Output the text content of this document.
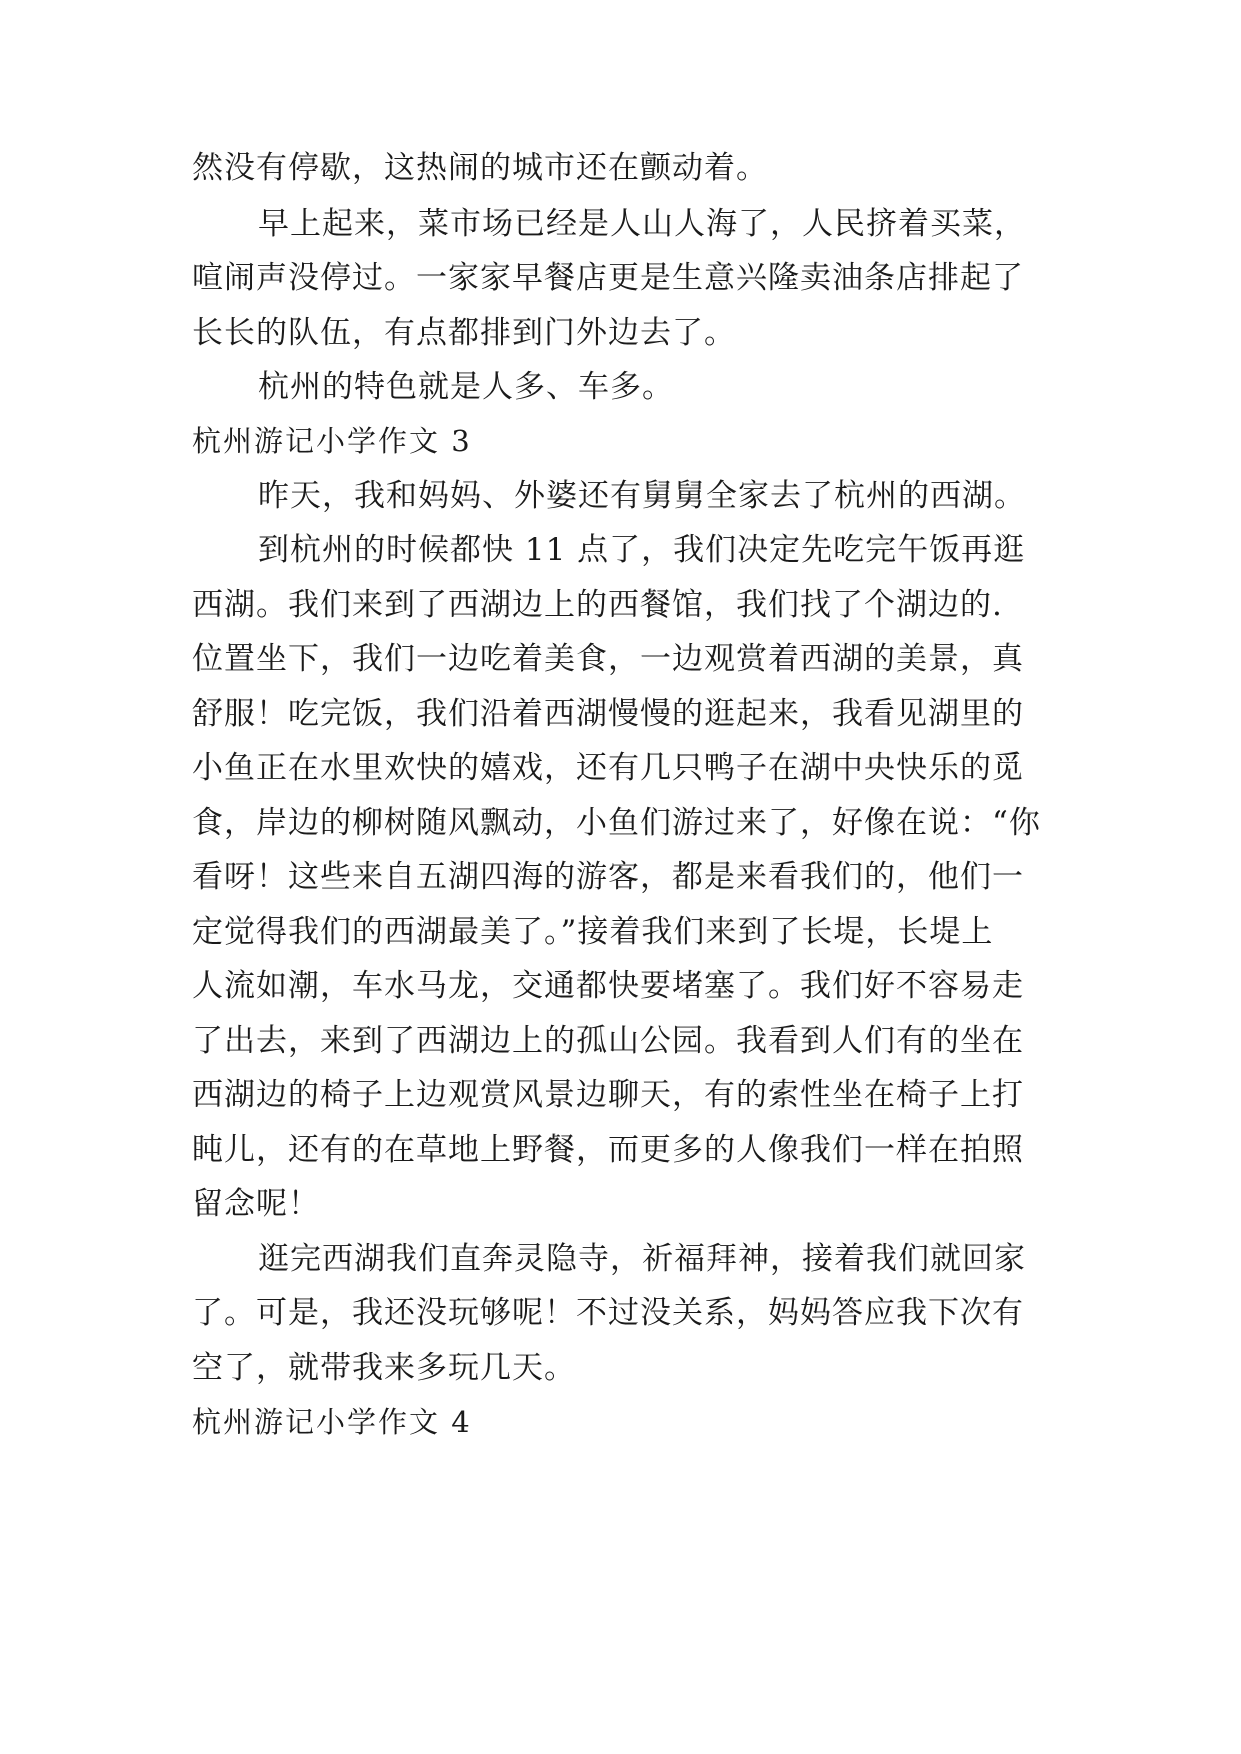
然没有停歇，这热闹的城市还在颤动着。
早上起来，菜市场已经是人山人海了，人民挤着买菜，
喧闹声没停过。一家家早餐店更是生意兴隆卖油条店排起了
长长的队伍，有点都排到门外边去了。
杭州的特色就是人多、车多。
杭州游记小学作文 3
昨天，我和妈妈、外婆还有舅舅全家去了杭州的西湖。
到杭州的时候都快 11 点了，我们决定先吃完午饭再逛
西湖。我们来到了西湖边上的西餐馆，我们找了个湖边的.
位置坐下，我们一边吃着美食，一边观赏着西湖的美景，真
舒服！吃完饭，我们沿着西湖慢慢的逛起来，我看见湖里的
小鱼正在水里欢快的嬉戏，还有几只鸭子在湖中央快乐的觅
食，岸边的柳树随风飘动，小鱼们游过来了，好像在说：“你
看呀！这些来自五湖四海的游客，都是来看我们的，他们一
定觉得我们的西湖最美了。”接着我们来到了长堤，长堤上
人流如潮，车水马龙，交通都快要堵塞了。我们好不容易走
了出去，来到了西湖边上的孤山公园。我看到人们有的坐在
西湖边的椅子上边观赏风景边聊天，有的索性坐在椅子上打
盹儿，还有的在草地上野餐，而更多的人像我们一样在拍照
留念呢！
逛完西湖我们直奔灵隐寺，祈福拜神，接着我们就回家
了。可是，我还没玩够呢！不过没关系，妈妈答应我下次有
空了，就带我来多玩几天。
杭州游记小学作文 4
